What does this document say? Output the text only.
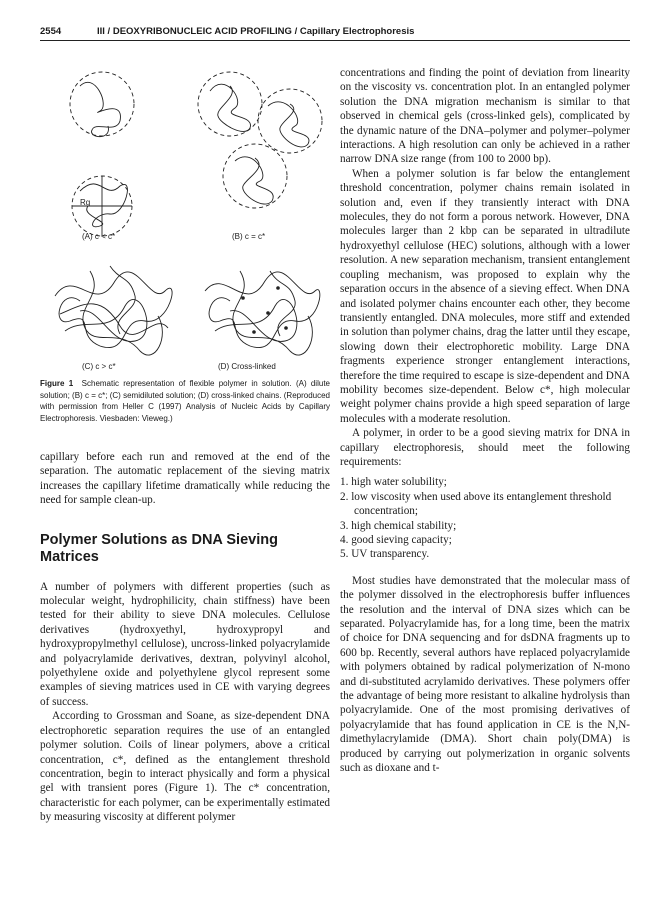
2554	III / DEOXYRIBONUCLEIC ACID PROFILING / Capillary Electrophoresis
Rg
(A) c < c*	(B) c = c*
(C) c > c*	(D) Cross-linked
Figure 1 Schematic representation of flexible polymer in solution. (A) dilute solution; (B) c = c*; (C) semidiluted solution; (D) cross-linked chains. (Reproduced with permission from Heller C (1997) Analysis of Nucleic Acids by Capillary Electrophoresis. Viesbaden: Vieweg.)

capillary before each run and removed at the end of the separation. The automatic replacement of the sieving matrix increases the capillary lifetime dramatically while reducing the need for sample clean-up.

Polymer Solutions as DNA Sieving Matrices

A number of polymers with different properties (such as molecular weight, hydrophilicity, chain stiffness) have been tested for their ability to sieve DNA molecules. Cellulose derivatives (hydroxyethyl, hydroxypropyl and hydroxypropylmethyl cellulose), uncross-linked polyacrylamide and polyacrylamide derivatives, dextran, polyvinyl alcohol, polyethylene oxide and polyethylene glycol represent some examples of sieving matrices used in CE with varying degrees of success.

According to Grossman and Soane, as size-dependent DNA electrophoretic separation requires the use of an entangled polymer solution. Coils of linear polymers, above a critical concentration, c*, defined as the entanglement threshold concentration, begin to interact physically and form a physical gel with transient pores (Figure 1). The c* concentration, characteristic for each polymer, can be experimentally estimated by measuring viscosity at different polymer

concentrations and finding the point of deviation from linearity on the viscosity vs. concentration plot. In an entangled polymer solution the DNA migration mechanism is similar to that observed in chemical gels (cross-linked gels), complicated by the dynamic nature of the DNA–polymer and polymer–polymer interactions. A high resolution can only be achieved in a rather narrow DNA size range (from 100 to 2000 bp).

When a polymer solution is far below the entanglement threshold concentration, polymer chains remain isolated in solution and, even if they transiently interact with DNA molecules, they do not form a porous network. However, DNA molecules larger than 2 kbp can be separated in ultradilute hydroxyethyl cellulose (HEC) solutions, although with a lower resolution. A new separation mechanism, transient entanglement coupling mechanism, was proposed to explain why the separation occurs in the absence of a sieving effect. When DNA and isolated polymer chains encounter each other, they become transiently entangled. DNA molecules, more stiff and extended in solution than polymer chains, drag the latter until they escape, slowing down their electrophoretic mobility. Large DNA fragments experience stronger entanglement interactions, therefore the time required to escape is size-dependent and DNA mobility becomes size-dependent. Below c*, high molecular weight polymer chains provide a high speed separation of large molecules with a moderate resolution.

A polymer, in order to be a good sieving matrix for DNA in capillary electrophoresis, should meet the following requirements:

1. high water solubility;
2. low viscosity when used above its entanglement threshold concentration;
3. high chemical stability;
4. good sieving capacity;
5. UV transparency.

Most studies have demonstrated that the molecular mass of the polymer dissolved in the electrophoresis buffer influences the resolution and the interval of DNA sizes which can be separated. Polyacrylamide has, for a long time, been the matrix of choice for DNA sequencing and for dsDNA fragments up to 600 bp. Recently, several authors have replaced polyacrylamide with polymers obtained by radical polymerization of N-mono and di-substituted acrylamido derivatives. These polymers offer the advantage of being more resistant to alkaline hydrolysis than polyacrylamide. One of the most promising derivatives of polyacrylamide that has found application in CE is the N,N-dimethylacrylamide (DMA). Short chain poly(DMA) is produced by carrying out polymerization in organic solvents such as dioxane and t-
